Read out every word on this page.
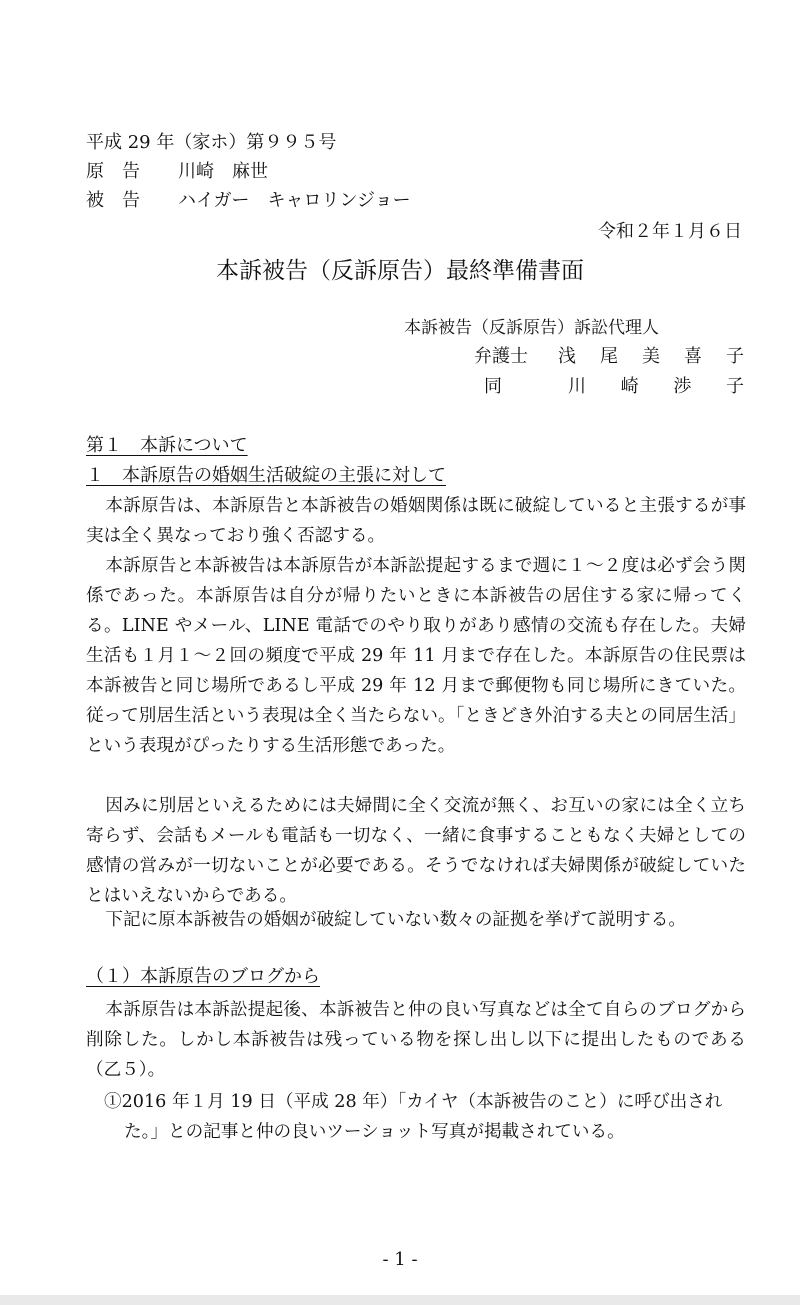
平成 29 年（家ホ）第９９５号
原　告 川崎　麻世
被　告 ハイガー　キャロリンジョー
令和２年１月６日
本訴被告（反訴原告）最終準備書面
本訴被告（反訴原告）訴訟代理人
弁護士	浅 尾 美 喜 子
同	川 崎 渉 子
第１　本訴について
１　本訴原告の婚姻生活破綻の主張に対して
本訴原告は、本訴原告と本訴被告の婚姻関係は既に破綻していると主張するが事実は全く異なっており強く否認する。
本訴原告と本訴被告は本訴原告が本訴訟提起するまで週に１～２度は必ず会う関係であった。本訴原告は自分が帰りたいときに本訴被告の居住する家に帰ってくる。LINE やメール、LINE 電話でのやり取りがあり感情の交流も存在した。夫婦生活も１月１～２回の頻度で平成 29 年 11 月まで存在した。本訴原告の住民票は本訴被告と同じ場所であるし平成 29 年 12 月まで郵便物も同じ場所にきていた。従って別居生活という表現は全く当たらない。「ときどき外泊する夫との同居生活」という表現がぴったりする生活形態であった。
因みに別居といえるためには夫婦間に全く交流が無く、お互いの家には全く立ち寄らず、会話もメールも電話も一切なく、一緒に食事することもなく夫婦としての感情の営みが一切ないことが必要である。そうでなければ夫婦関係が破綻していたとはいえないからである。
下記に原本訴被告の婚姻が破綻していない数々の証拠を挙げて説明する。
（１）本訴原告のブログから
本訴原告は本訴訟提起後、本訴被告と仲の良い写真などは全て自らのブログから削除した。しかし本訴被告は残っている物を探し出し以下に提出したものである（乙５）。
①2016 年１月 19 日（平成 28 年）「カイヤ（本訴被告のこと）に呼び出された。」との記事と仲の良いツーショット写真が掲載されている。
- 1 -
